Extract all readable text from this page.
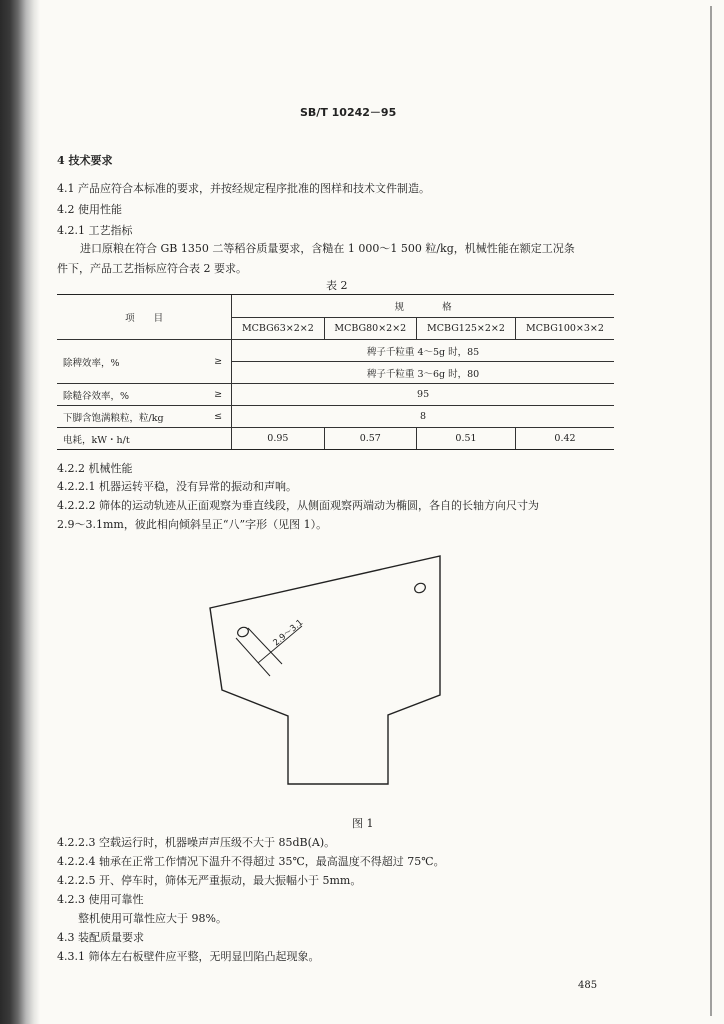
SB/T 10242－95
4 技术要求
4.1 产品应符合本标准的要求，并按经规定程序批准的图样和技术文件制造。
4.2 使用性能
4.2.1 工艺指标
进口原粮在符合 GB 1350 二等稻谷质量要求，含糙在 1 000～1 500 粒/kg，机械性能在额定工况条
件下，产品工艺指标应符合表 2 要求。
表 2
项　　目		规　　　　格			
		MCBG63×2×2	MCBG80×2×2	MCBG125×2×2	MCBG100×3×2
除稗效率，%	≥	稗子千粒重 4～5g 时，85			
		稗子千粒重 3～6g 时，80			
除糙谷效率，%	≥	95			
下脚含饱满粮粒，粒/kg	≤	8			
电耗，kW・h/t		0.95	0.57	0.51	0.42
4.2.2 机械性能
4.2.2.1 机器运转平稳，没有异常的振动和声响。
4.2.2.2 筛体的运动轨迹从正面观察为垂直线段，从侧面观察两端动为椭圆，各自的长轴方向尺寸为
2.9～3.1mm，彼此相向倾斜呈正“八”字形（见图 1）。
2.9～3.1
图 1
4.2.2.3 空载运行时，机器噪声声压级不大于 85dB(A)。
4.2.2.4 轴承在正常工作情况下温升不得超过 35℃，最高温度不得超过 75℃。
4.2.2.5 开、停车时，筛体无严重振动，最大振幅小于 5mm。
4.2.3 使用可靠性
整机使用可靠性应大于 98%。
4.3 装配质量要求
4.3.1 筛体左右板壁件应平整，无明显凹陷凸起现象。
485
